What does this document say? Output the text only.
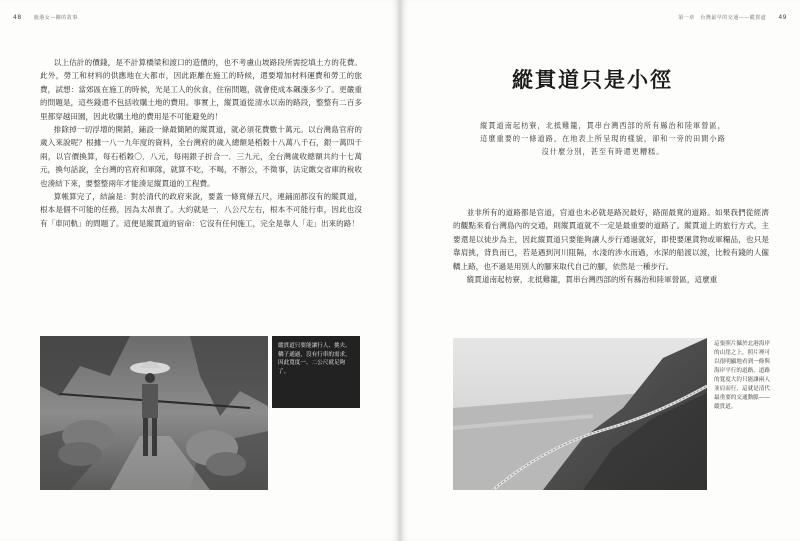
48 鹿港女—陳的故事

以上估計的價錢，是不計算橋梁和渡口的造價的，也不考慮山坡路段所需挖填土方的花費。此外，勞工和材料的供應地在大都市，因此距離在施工的時候，還要增加材料運費和勞工的旅費，試想：當郊區在施工的時候，光是工人的伙食，住宿問題，就會使成本飆漲多少了。更嚴重的問題是，這些錢還不包括收購土地的費用。事實上，縱貫道從清水以南的路段，整整有二百多里都穿越田園，因此收購土地的費用是不可能避免的！

排除掉一切浮增的開銷，鋪設一條最簡陋的縱貫道，就必須花費數十萬元。以台灣島官府的歲入來說呢？根據一八一九年度的資料，全台灣府的歲入總額是稻穀十八萬八千石，銀一萬四千兩，以官價換算，每石稻穀〇．八元，每兩銀子折合一．三九元，全台灣歲收總額共約十七萬元，換句話說，全台灣的官府和軍隊，就算不吃，不喝，不辦公，不徵事，法定繳交省庫的稅收也湊結下來，要整整兩年才能湊足縱貫道的工程費。

算帳算完了，結論是：對於清代的政府來說，要蓋一條寬條五尺，連鋪面都沒有的縱貫道，根本是個不可能的任務，因為太昂貴了。大約就是一．八公尺左右，根本不可能行車，因此也沒有「車同軌」的問題了。這便是縱貫道的宿命：它沒有任何施工，完全是靠人「走」出來的路！

縱貫道只要能讓行人、挑夫、轎子通過，沒有行車的需求，因此寬度一、二公尺就足夠了。
第一章　台灣最早的交通——縱貫道 49
縱貫道只是小徑
縱貫道南起枋寮，北抵雞籠，貫串台灣西部的所有縣治和陸軍營區，
這麼重要的一條道路，在地表上所呈現的樣貌，卻和一旁的田間小路
沒什麼分別，甚至有時還更糟糕。

並非所有的道路都是官道，官道也未必就是路況最好，路面最寬的道路。如果我們從經濟的觀點來看台灣島內的交通，則縱貫道就不一定是最重要的道路了。縱貫道上的旅行方式，主要還是以徒步為主，因此縱貫道只要能夠讓人步行通過就好，即使要運貨物或軍糧品，也只是靠肩挑，背負而已，若是遇到河川阻隔，水淺的涉水而過，水深的船渡以渡，比較有錢的人僱轎上路，也不過是用別人的腳來取代自己的腳，依然是一種步行。

縱貫道南起枋寮，北抵雞籠，貫串台灣西部的所有縣治和陸軍營區，這麼重

這張照片攝於北港海岸的山崖之上，照片裡可以很明顯地看到一條與海岸平行的道路，道路的寬度大約只能讓兩人並肩而行，這就是清代最重要的交通動脈——縱貫道。
